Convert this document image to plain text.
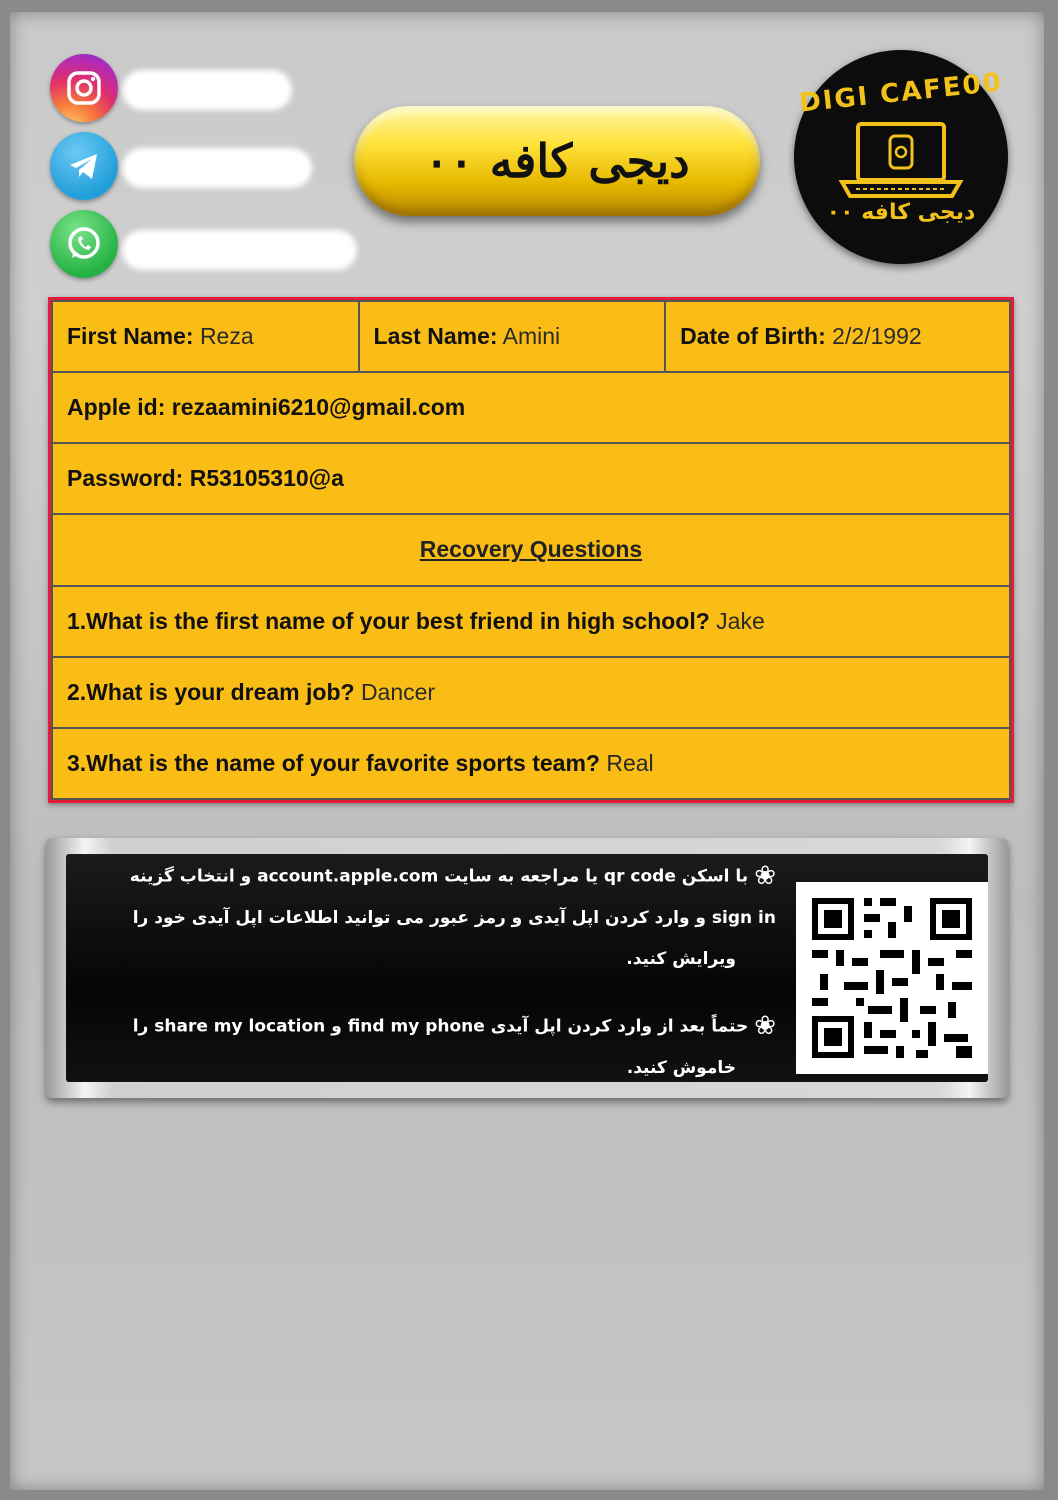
دیجی کافه ۰۰
DIGI CAFE00
دیجی کافه ۰۰
First Name: Reza	Last Name: Amini	Date of Birth: 2/2/1992
Apple id: rezaamini6210@gmail.com
Password: R53105310@a
Recovery Questions
1.What is the first name of your best friend in high school? Jake
2.What is your dream job? Dancer
3.What is the name of your favorite sports team? Real
❀با اسکن qr code یا مراجعه به سایت account.apple.com و انتخاب گزینه
sign in و وارد کردن اپل آیدی و رمز عبور می توانید اطلاعات اپل آیدی خود را
ویرایش کنید.
❀حتماً بعد از وارد کردن اپل آیدی find my phone و share my location را
خاموش کنید.
